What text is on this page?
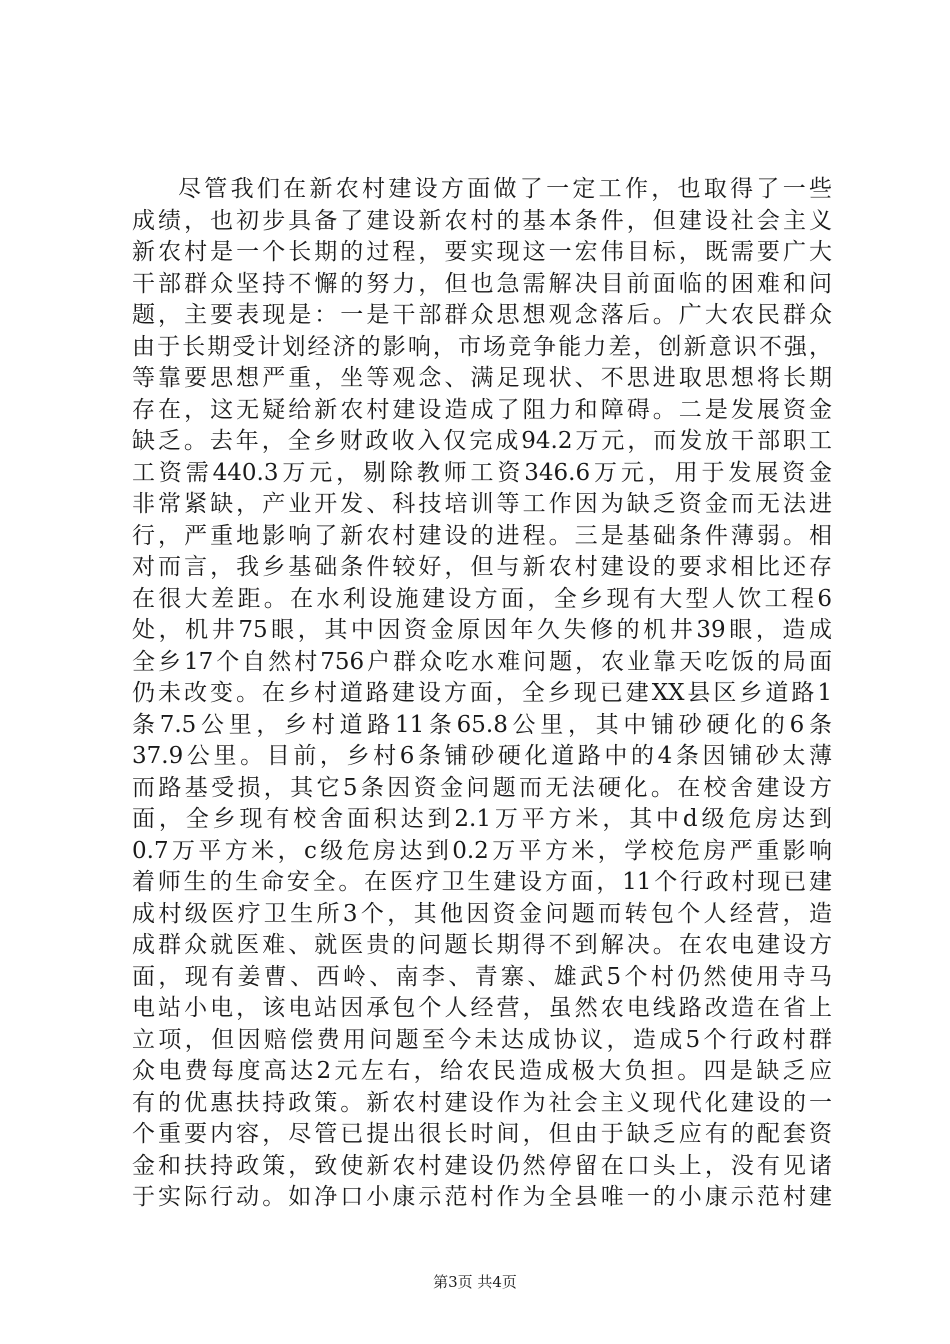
尽管我们在新农村建设方面做了一定工作，也取得了一些
成绩，也初步具备了建设新农村的基本条件，但建设社会主义
新农村是一个长期的过程，要实现这一宏伟目标，既需要广大
干部群众坚持不懈的努力，但也急需解决目前面临的困难和问
题，主要表现是：一是干部群众思想观念落后。广大农民群众
由于长期受计划经济的影响，市场竞争能力差，创新意识不强，
等靠要思想严重，坐等观念、满足现状、不思进取思想将长期
存在，这无疑给新农村建设造成了阻力和障碍。二是发展资金
缺乏。去年，全乡财政收入仅完成94.2万元，而发放干部职工
工资需440.3万元，剔除教师工资346.6万元，用于发展资金
非常紧缺，产业开发、科技培训等工作因为缺乏资金而无法进
行，严重地影响了新农村建设的进程。三是基础条件薄弱。相
对而言，我乡基础条件较好，但与新农村建设的要求相比还存
在很大差距。在水利设施建设方面，全乡现有大型人饮工程6
处，机井75眼，其中因资金原因年久失修的机井39眼，造成
全乡17个自然村756户群众吃水难问题，农业靠天吃饭的局面
仍未改变。在乡村道路建设方面，全乡现已建XX县区乡道路1
条7.5公里，乡村道路11条65.8公里，其中铺砂硬化的6条
37.9公里。目前，乡村6条铺砂硬化道路中的4条因铺砂太薄
而路基受损，其它5条因资金问题而无法硬化。在校舍建设方
面，全乡现有校舍面积达到2.1万平方米，其中d级危房达到
0.7万平方米，c级危房达到0.2万平方米，学校危房严重影响
着师生的生命安全。在医疗卫生建设方面，11个行政村现已建
成村级医疗卫生所3个，其他因资金问题而转包个人经营，造
成群众就医难、就医贵的问题长期得不到解决。在农电建设方
面，现有姜曹、西岭、南李、青寨、雄武5个村仍然使用寺马
电站小电，该电站因承包个人经营，虽然农电线路改造在省上
立项，但因赔偿费用问题至今未达成协议，造成5个行政村群
众电费每度高达2元左右，给农民造成极大负担。四是缺乏应
有的优惠扶持政策。新农村建设作为社会主义现代化建设的一
个重要内容，尽管已提出很长时间，但由于缺乏应有的配套资
金和扶持政策，致使新农村建设仍然停留在口头上，没有见诸
于实际行动。如净口小康示范村作为全县唯一的小康示范村建
第3页 共4页
